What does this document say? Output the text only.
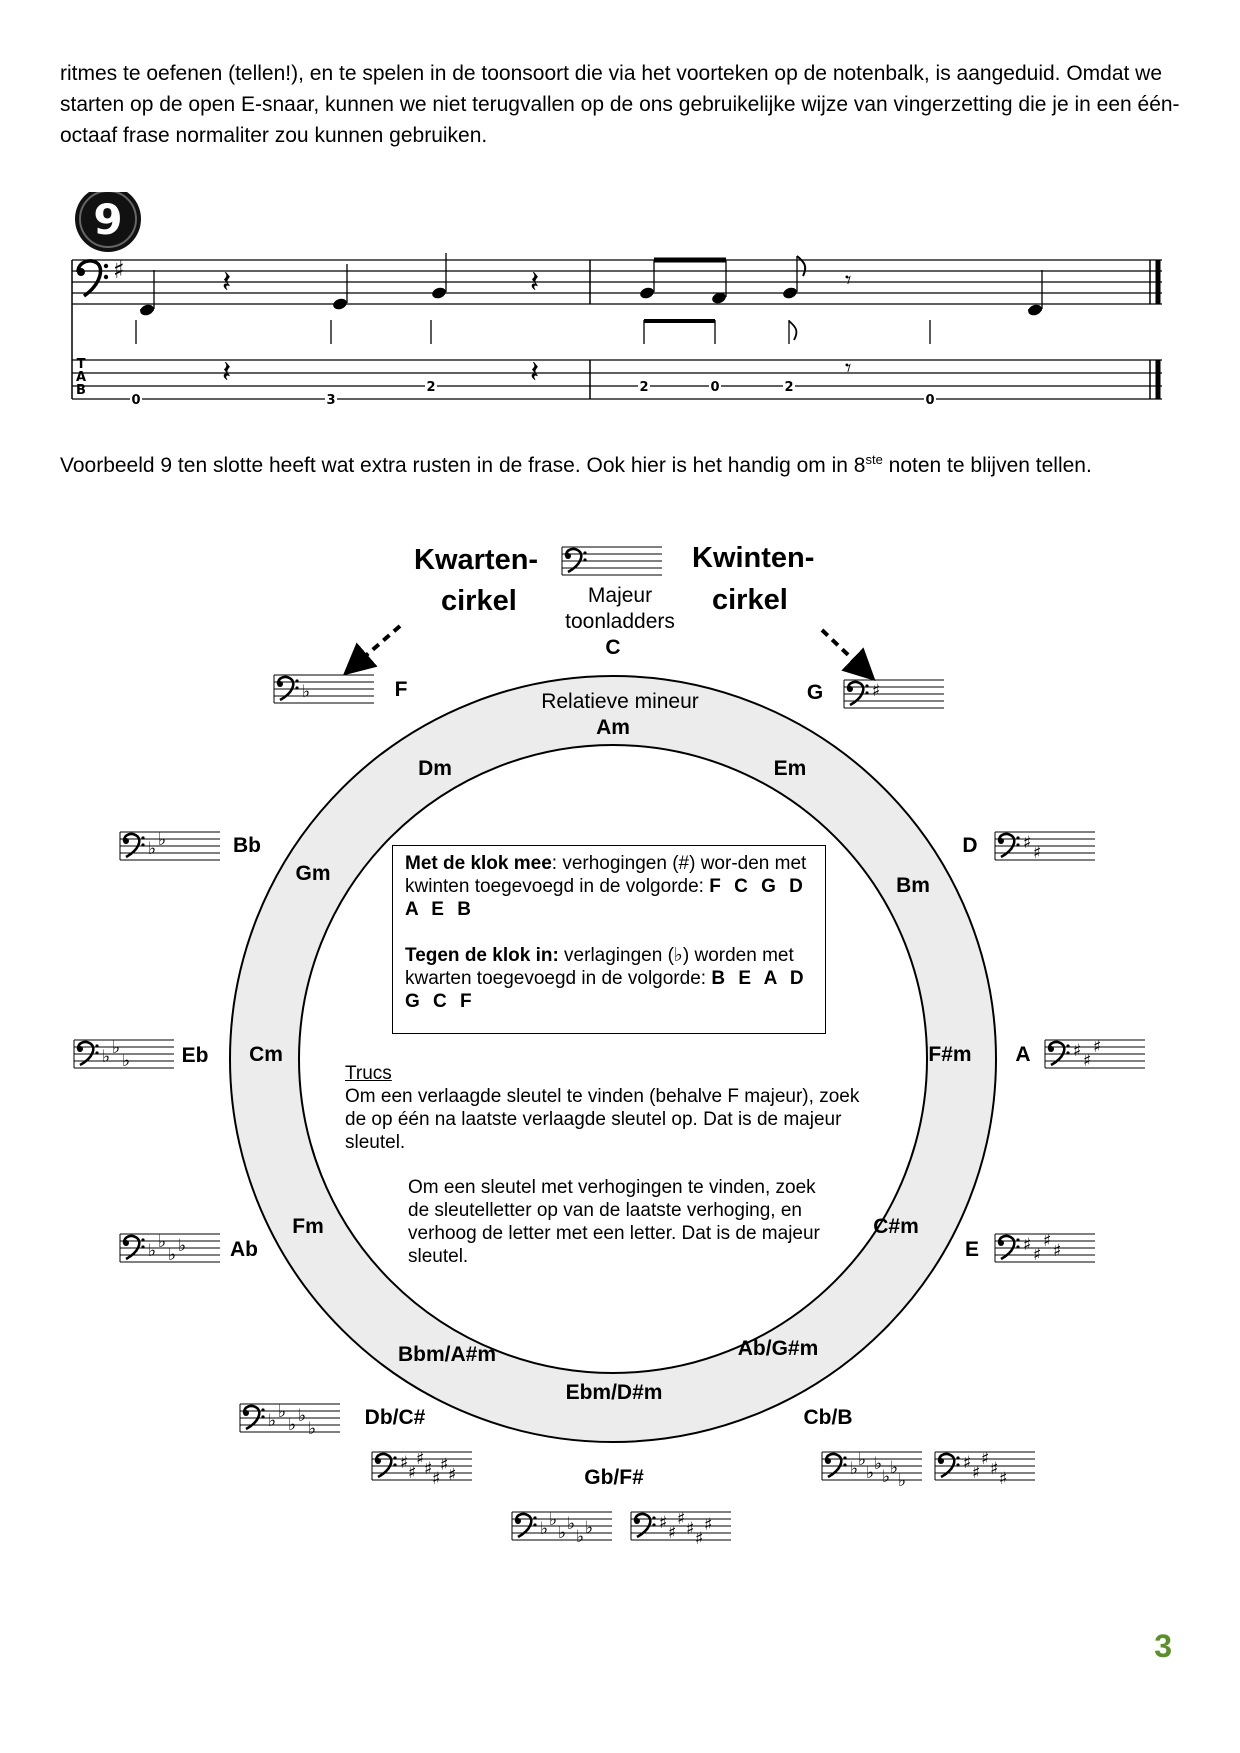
ritmes te oefenen (tellen!), en te spelen in de toonsoort die via het voorteken op de notenbalk, is aangeduid. Omdat we starten op de open E-snaar, kunnen we niet terugvallen op de ons gebruikelijke wijze van vingerzetting die je in een één-octaaf frase normaliter zou kunnen gebruiken.

9
♯	𝄽	𝄽	𝄾
𝄽	𝄽	𝄾
T
A
B
0	3
2	2	0	2
0

Voorbeeld 9 ten slotte heeft wat extra rusten in de frase. Ook hier is het handig om in 8ste noten te blijven tellen.

Kwarten-
cirkel
Kwinten-
cirkel
Majeur
toonladders
Relatieve mineur
C
G
D
A
E
Cb/B
Gb/F#
Db/C#
Ab
Eb
Bb
F
Am
Em
Bm
F#m
C#m
Ab/G#m
Ebm/D#m
Bbm/A#m
Fm
Cm
Gm
Dm

Met de klok mee: verhogingen (#) wor-den met kwinten toegevoegd in de volgorde: F C G D A E B

Tegen de klok in: verlagingen (♭) worden met kwarten toegevoegd in de volgorde: B E A D G C F

Trucs
Om een verlaagde sleutel te vinden (behalve F majeur), zoek de op één na laatste verlaagde sleutel op. Dat is de majeur sleutel.
Om een sleutel met verhogingen te vinden, zoek de sleutelletter op van de laatste verhoging, en verhoog de letter met een letter. Dat is de majeur sleutel.
♭	♯
♭ ♭	♯ ♯
♭ ♭
♭	♯ ♯
♯
♭ ♭
♭ ♭	♯ ♯
♯ ♯
♭ ♭
♭ ♭
♭
♯ ♯
♯ ♯ ♯
♯ ♯	♭ ♭
♭ ♭
♭ ♭
♭
♯ ♯
♯ ♯ ♯
♭ ♭
♭ ♭
♭ ♭	♯ ♯
♯ ♯ ♯
♯
3
